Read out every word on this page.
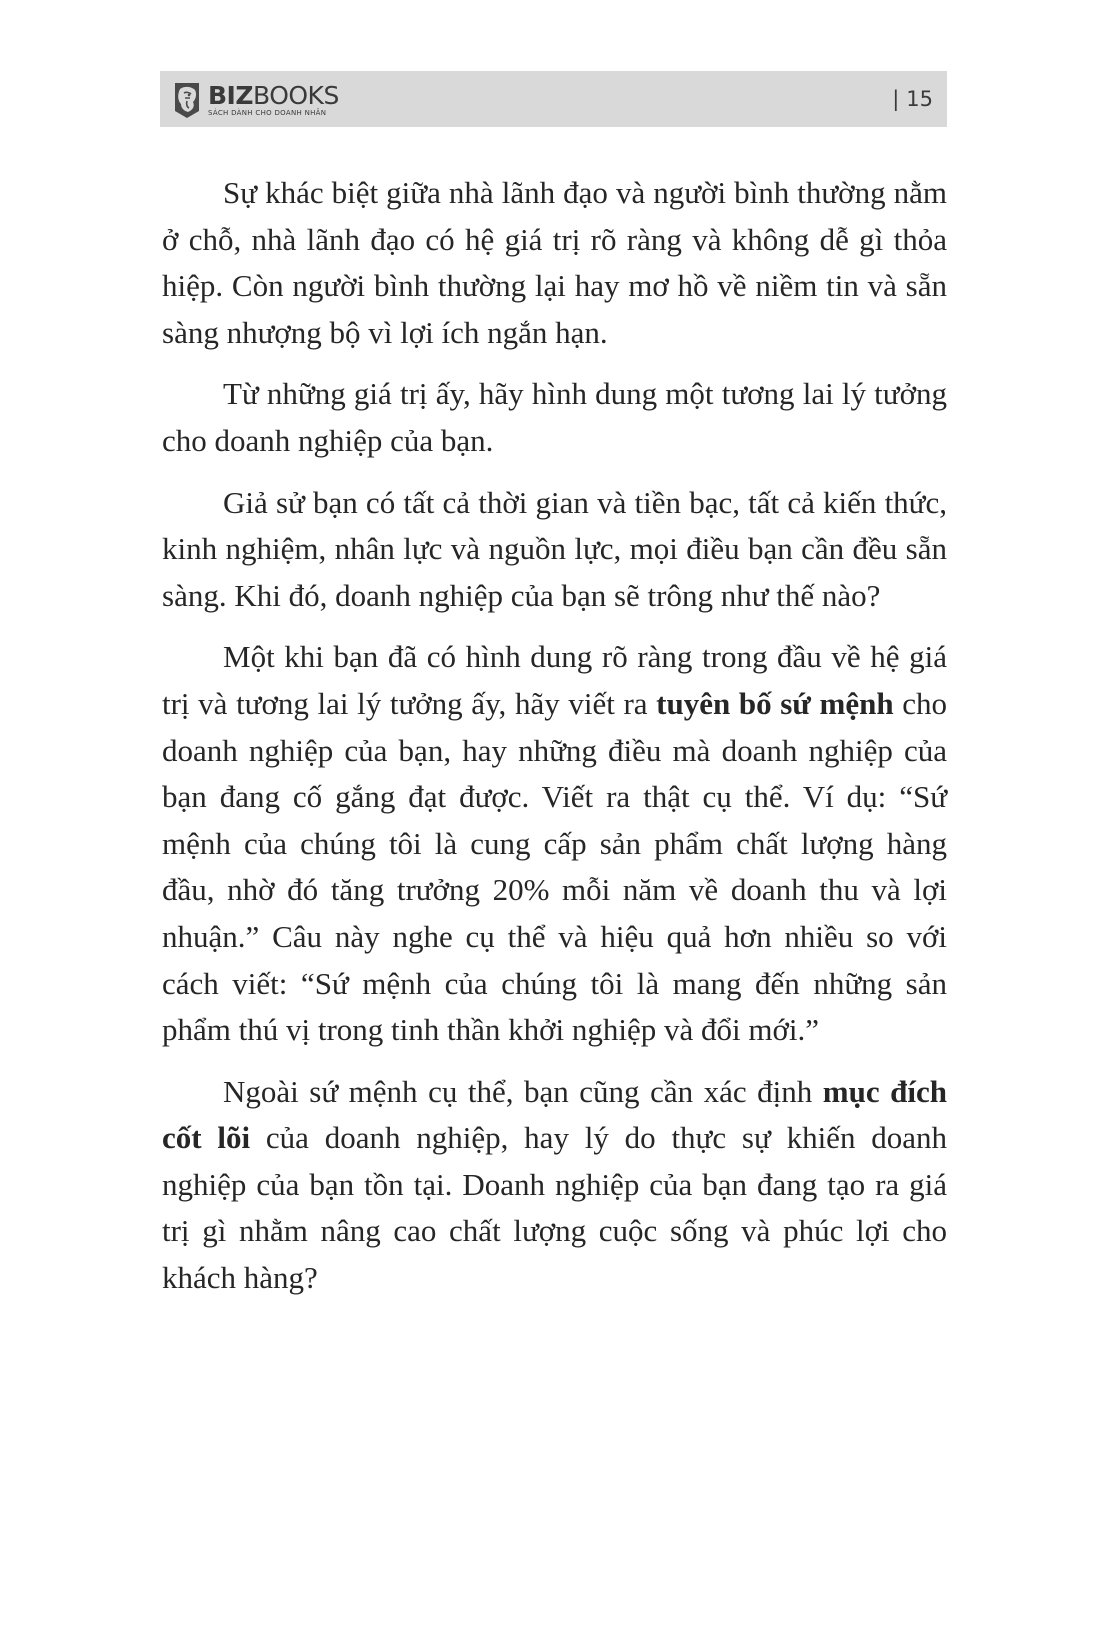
BIZBOOKS
SÁCH DÀNH CHO DOANH NHÂN
| 15

Sự khác biệt giữa nhà lãnh đạo và người bình thường nằm ở chỗ, nhà lãnh đạo có hệ giá trị rõ ràng và không dễ gì thỏa hiệp. Còn người bình thường lại hay mơ hồ về niềm tin và sẵn sàng nhượng bộ vì lợi ích ngắn hạn.

Từ những giá trị ấy, hãy hình dung một tương lai lý tưởng cho doanh nghiệp của bạn.

Giả sử bạn có tất cả thời gian và tiền bạc, tất cả kiến thức, kinh nghiệm, nhân lực và nguồn lực, mọi điều bạn cần đều sẵn sàng. Khi đó, doanh nghiệp của bạn sẽ trông như thế nào?

Một khi bạn đã có hình dung rõ ràng trong đầu về hệ giá trị và tương lai lý tưởng ấy, hãy viết ra tuyên bố sứ mệnh cho doanh nghiệp của bạn, hay những điều mà doanh nghiệp của bạn đang cố gắng đạt được. Viết ra thật cụ thể. Ví dụ: “Sứ mệnh của chúng tôi là cung cấp sản phẩm chất lượng hàng đầu, nhờ đó tăng trưởng 20% mỗi năm về doanh thu và lợi nhuận.” Câu này nghe cụ thể và hiệu quả hơn nhiều so với cách viết: “Sứ mệnh của chúng tôi là mang đến những sản phẩm thú vị trong tinh thần khởi nghiệp và đổi mới.”

Ngoài sứ mệnh cụ thể, bạn cũng cần xác định mục đích cốt lõi của doanh nghiệp, hay lý do thực sự khiến doanh nghiệp của bạn tồn tại. Doanh nghiệp của bạn đang tạo ra giá trị gì nhằm nâng cao chất lượng cuộc sống và phúc lợi cho khách hàng?
